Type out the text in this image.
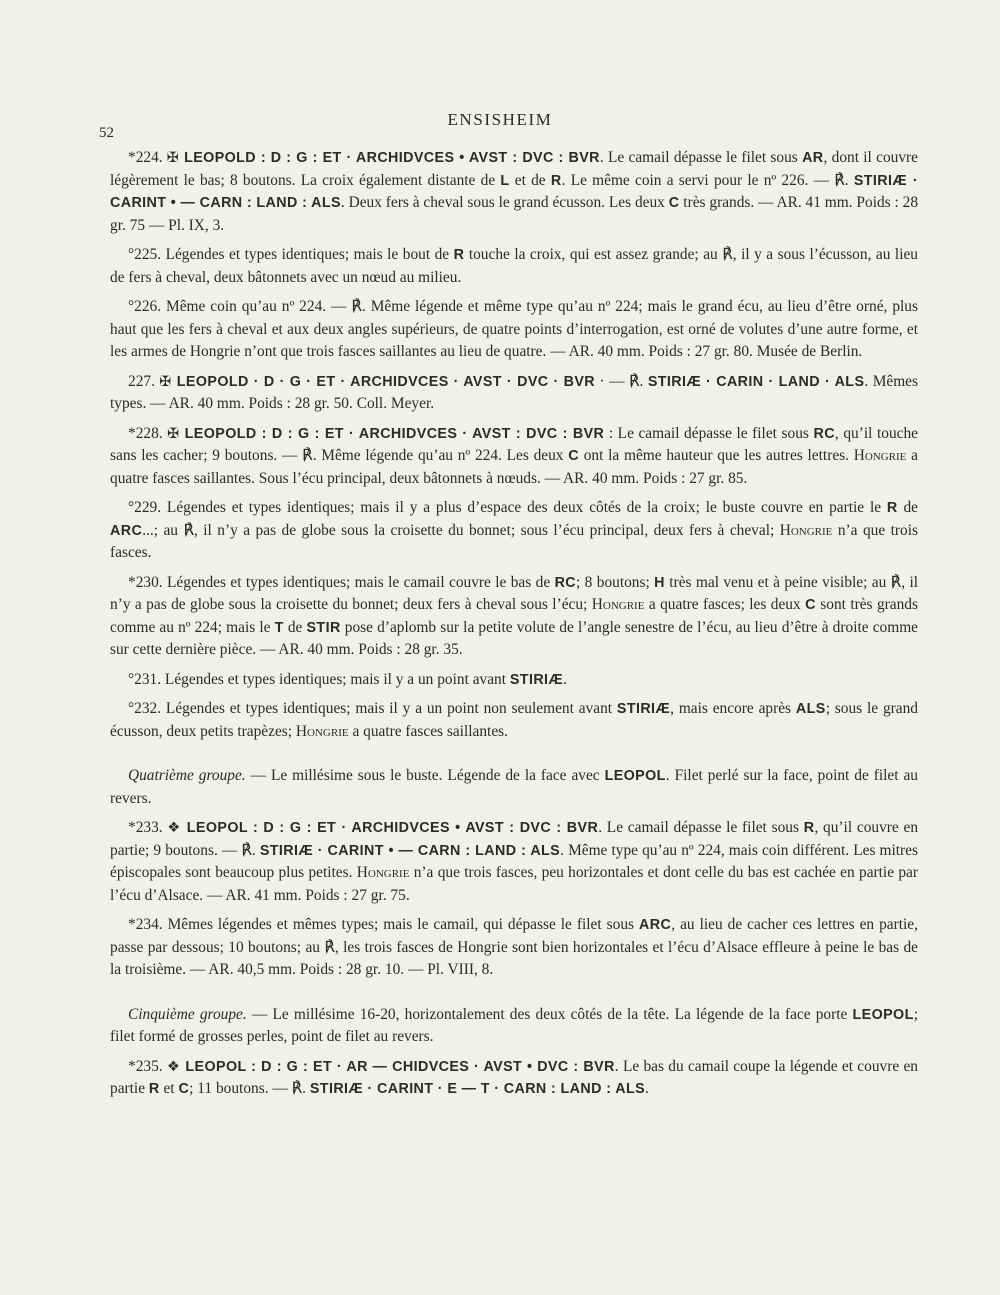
52
ENSISHEIM

*224. ✠ LEOPOLD : D : G : ET · ARCHIDVCES • AVST : DVC : BVR. Le camail dépasse le filet sous AR, dont il couvre légèrement le bas; 8 boutons. La croix également distante de L et de R. Le même coin a servi pour le nº 226. — ℟. STIRIÆ · CARINT • — CARN : LAND : ALS. Deux fers à cheval sous le grand écusson. Les deux C très grands. — AR. 41 mm. Poids : 28 gr. 75 — Pl. IX, 3.

°225. Légendes et types identiques; mais le bout de R touche la croix, qui est assez grande; au ℟, il y a sous l’écusson, au lieu de fers à cheval, deux bâtonnets avec un nœud au milieu.

°226. Même coin qu’au nº 224. — ℟. Même légende et même type qu’au nº 224; mais le grand écu, au lieu d’être orné, plus haut que les fers à cheval et aux deux angles supérieurs, de quatre points d’interrogation, est orné de volutes d’une autre forme, et les armes de Hongrie n’ont que trois fasces saillantes au lieu de quatre. — AR. 40 mm. Poids : 27 gr. 80. Musée de Berlin.

227. ✠ LEOPOLD · D · G · ET · ARCHIDVCES · AVST · DVC · BVR · — ℟. STIRIÆ · CARIN · LAND · ALS. Mêmes types. — AR. 40 mm. Poids : 28 gr. 50. Coll. Meyer.

*228. ✠ LEOPOLD : D : G : ET · ARCHIDVCES · AVST : DVC : BVR : Le camail dépasse le filet sous RC, qu’il touche sans les cacher; 9 boutons. — ℟. Même légende qu’au nº 224. Les deux C ont la même hauteur que les autres lettres. Hongrie a quatre fasces saillantes. Sous l’écu principal, deux bâtonnets à nœuds. — AR. 40 mm. Poids : 27 gr. 85.

°229. Légendes et types identiques; mais il y a plus d’espace des deux côtés de la croix; le buste couvre en partie le R de ARC...; au ℟, il n’y a pas de globe sous la croisette du bonnet; sous l’écu principal, deux fers à cheval; Hongrie n’a que trois fasces.

*230. Légendes et types identiques; mais le camail couvre le bas de RC; 8 boutons; H très mal venu et à peine visible; au ℟, il n’y a pas de globe sous la croisette du bonnet; deux fers à cheval sous l’écu; Hongrie a quatre fasces; les deux C sont très grands comme au nº 224; mais le T de STIR pose d’aplomb sur la petite volute de l’angle senestre de l’écu, au lieu d’être à droite comme sur cette dernière pièce. — AR. 40 mm. Poids : 28 gr. 35.

°231. Légendes et types identiques; mais il y a un point avant STIRIÆ.

°232. Légendes et types identiques; mais il y a un point non seulement avant STIRIÆ, mais encore après ALS; sous le grand écusson, deux petits trapèzes; Hongrie a quatre fasces saillantes.

Quatrième groupe. — Le millésime sous le buste. Légende de la face avec LEOPOL. Filet perlé sur la face, point de filet au revers.

*233. ❖ LEOPOL : D : G : ET · ARCHIDVCES • AVST : DVC : BVR. Le camail dépasse le filet sous R, qu’il couvre en partie; 9 boutons. — ℟. STIRIÆ · CARINT • — CARN : LAND : ALS. Même type qu’au nº 224, mais coin différent. Les mitres épiscopales sont beaucoup plus petites. Hongrie n’a que trois fasces, peu horizontales et dont celle du bas est cachée en partie par l’écu d’Alsace. — AR. 41 mm. Poids : 27 gr. 75.

*234. Mêmes légendes et mêmes types; mais le camail, qui dépasse le filet sous ARC, au lieu de cacher ces lettres en partie, passe par dessous; 10 boutons; au ℟, les trois fasces de Hongrie sont bien horizontales et l’écu d’Alsace effleure à peine le bas de la troisième. — AR. 40,5 mm. Poids : 28 gr. 10. — Pl. VIII, 8.

Cinquième groupe. — Le millésime 16-20, horizontalement des deux côtés de la tête. La légende de la face porte LEOPOL; filet formé de grosses perles, point de filet au revers.

*235. ❖ LEOPOL : D : G : ET · AR — CHIDVCES · AVST • DVC : BVR. Le bas du camail coupe la légende et couvre en partie R et C; 11 boutons. — ℟. STIRIÆ · CARINT · E — T · CARN : LAND : ALS.
